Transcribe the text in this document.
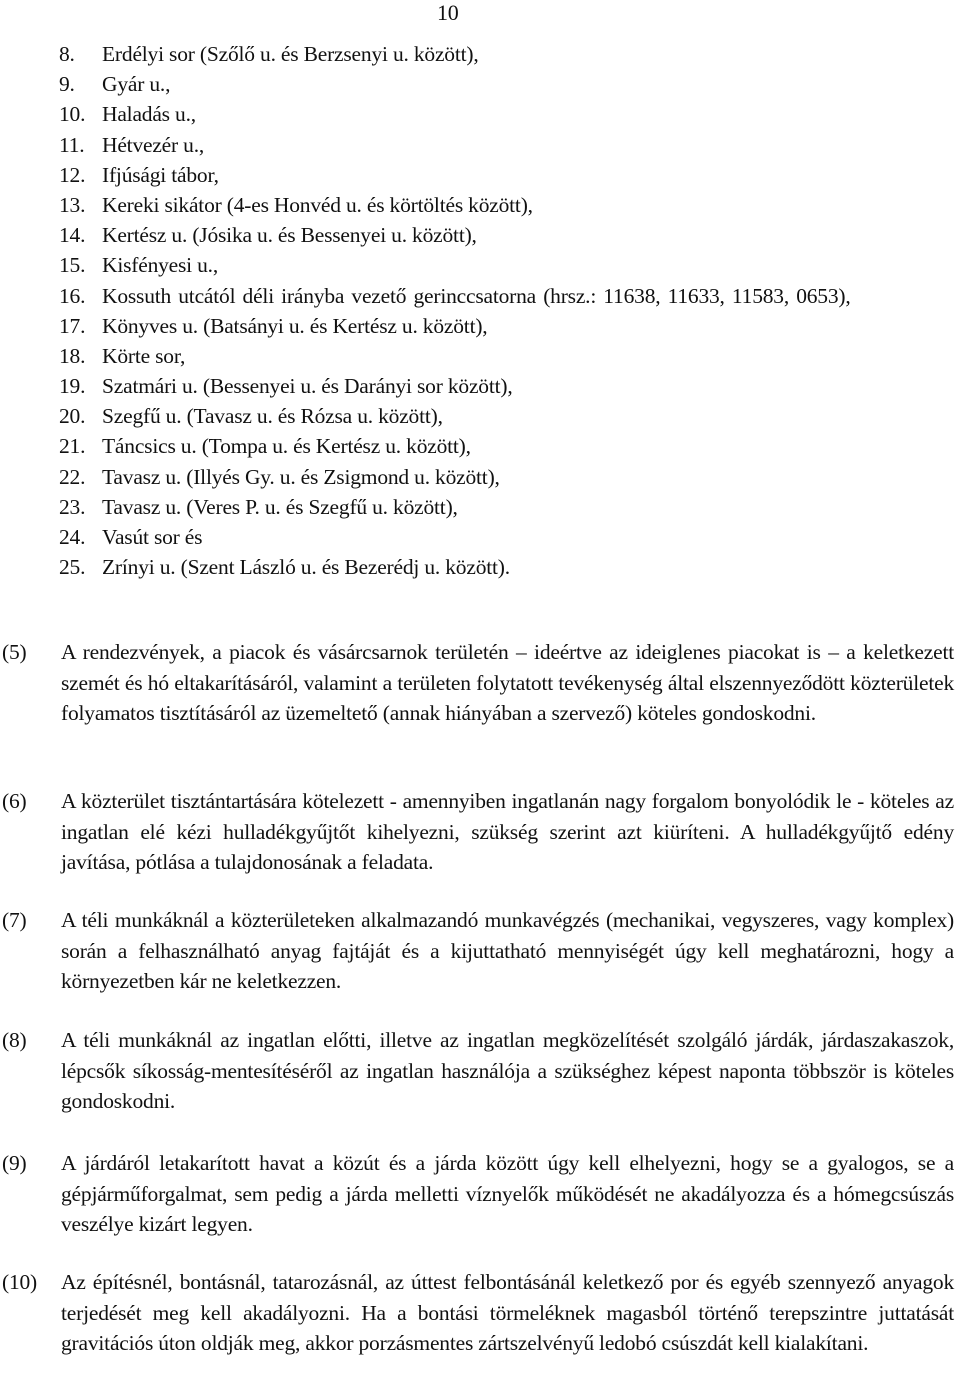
10
8.	Erdélyi sor (Szőlő u. és Berzsenyi u. között),
9.	Gyár u.,
10. Haladás u.,
11. Hétvezér u.,
12. Ifjúsági tábor,
13. Kereki sikátor (4-es Honvéd u. és körtöltés között),
14. Kertész u. (Jósika u. és Bessenyei u. között),
15. Kisfényesi u.,
16. Kossuth utcától déli irányba vezető gerinccsatorna (hrsz.: 11638, 11633, 11583, 0653),
17. Könyves u. (Batsányi u. és Kertész u. között),
18. Körte sor,
19. Szatmári u. (Bessenyei u. és Darányi sor között),
20. Szegfű u. (Tavasz u. és Rózsa u. között),
21. Táncsics u. (Tompa u. és Kertész u. között),
22. Tavasz u. (Illyés Gy. u. és Zsigmond u. között),
23. Tavasz u. (Veres P. u. és Szegfű u. között),
24. Vasút sor és
25. Zrínyi u. (Szent László u. és Bezerédj u. között).
(5) A rendezvények, a piacok és vásárcsarnok területén – ideértve az ideiglenes piacokat is – a keletkezett szemét és hó eltakarításáról, valamint a területen folytatott tevékenység által elszennyeződött közterületek folyamatos tisztításáról az üzemeltető (annak hiányában a szervező) köteles gondoskodni.

(6) A közterület tisztántartására kötelezett - amennyiben ingatlanán nagy forgalom bonyolódik le - köteles az ingatlan elé kézi hulladékgyűjtőt kihelyezni, szükség szerint azt kiüríteni. A hulladékgyűjtő edény javítása, pótlása a tulajdonosának a feladata.

(7) A téli munkáknál a közterületeken alkalmazandó munkavégzés (mechanikai, vegyszeres, vagy komplex) során a felhasználható anyag fajtáját és a kijuttatható mennyiségét úgy kell meghatározni, hogy a környezetben kár ne keletkezzen.

(8) A téli munkáknál az ingatlan előtti, illetve az ingatlan megközelítését szolgáló járdák, járdaszakaszok, lépcsők síkosság-mentesítéséről az ingatlan használója a szükséghez képest naponta többször is köteles gondoskodni.

(9) A járdáról letakarított havat a közút és a járda között úgy kell elhelyezni, hogy se a gyalogos, se a gépjárműforgalmat, sem pedig a járda melletti víznyelők működését ne akadályozza és a hómegcsúszás veszélye kizárt legyen.

(10) Az építésnél, bontásnál, tatarozásnál, az úttest felbontásánál keletkező por és egyéb szennyező anyagok terjedését meg kell akadályozni. Ha a bontási törmeléknek magasból történő terepszintre juttatását gravitációs úton oldják meg, akkor porzásmentes zártszelvényű ledobó csúszdát kell kialakítani.
